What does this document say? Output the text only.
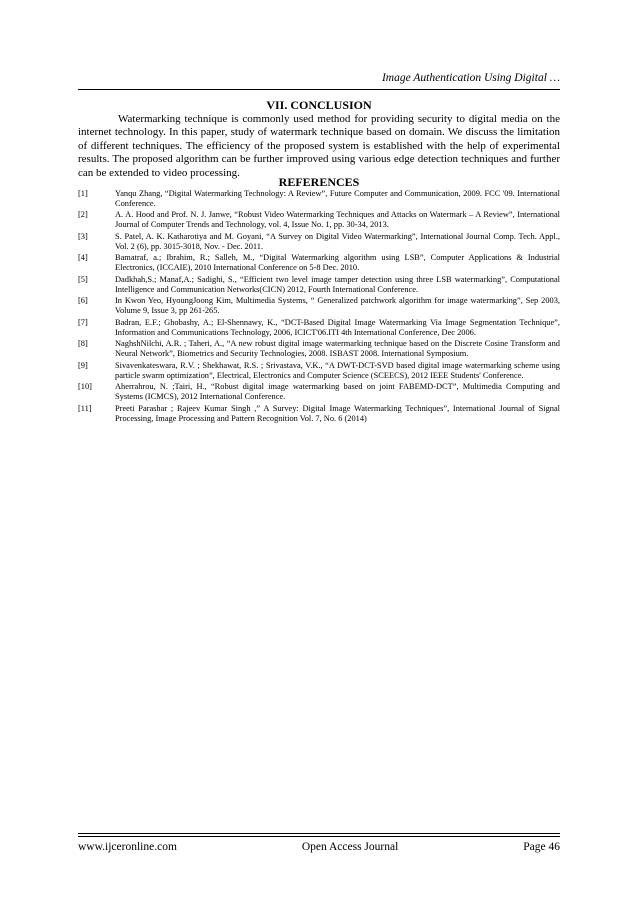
Image Authentication Using Digital …
VII. CONCLUSION

Watermarking technique is commonly used method for providing security to digital media on the internet technology. In this paper, study of watermark technique based on domain. We discuss the limitation of different techniques. The efficiency of the proposed system is established with the help of experimental results. The proposed algorithm can be further improved using various edge detection techniques and further can be extended to video processing.

REFERENCES
[1]	Yanqu Zhang, “Digital Watermarking Technology: A Review”, Future Computer and Communication, 2009. FCC '09. International Conference.
[2]	A. A. Hood and Prof. N. J. Janwe, “Robust Video Watermarking Techniques and Attacks on Watermark – A Review”, International Journal of Computer Trends and Technology, vol. 4, Issue No. 1, pp. 30-34, 2013.
[3]	S. Patel, A. K. Katharotiya and M. Goyani, “A Survey on Digital Video Watermarking”, International Journal Comp. Tech. Appl., Vol. 2 (6), pp. 3015-3018, Nov. - Dec. 2011.
[4]	Bamatraf, a.; Ibrahim, R.; Salleh, M., “Digital Watermarking algorithm using LSB”, Computer Applications & Industrial Electronics, (ICCAIE), 2010 International Conference on 5-8 Dec. 2010.
[5]	Dadkhah,S.; Manaf,A.; Sadighi, S., “Efficient two level image tamper detection using three LSB watermarking”, Computational Intelligence and Communication Networks(CICN) 2012, Fourth International Conference.
[6]	In Kwon Yeo, HyoungJoong Kim, Multimedia Systems, “ Generalized patchwork algorithm for image watermarking”, Sep 2003, Volume 9, Issue 3, pp 261-265.
[7]	Badran, E.F.; Ghobashy, A.; El-Shennawy, K., “DCT-Based Digital Image Watermarking Via Image Segmentation Technique”, Information and Communications Technology, 2006, ICICT'06.ITI 4th International Conference, Dec 2006.
[8]	NaghshNilchi, A.R. ; Taheri, A., “A new robust digital image watermarking technique based on the Discrete Cosine Transform and Neural Network”, Biometrics and Security Technologies, 2008. ISBAST 2008. International Symposium.
[9]	Sivavenkateswara, R.V. ; Shekhawat, R.S. ; Srivastava, V.K., “A DWT-DCT-SVD based digital image watermarking scheme using particle swarm optimization”, Electrical, Electronics and Computer Science (SCEECS), 2012 IEEE Students' Conference.
[10]	Aherrahrou, N. ;Tairi, H., “Robust digital image watermarking based on joint FABEMD-DCT”, Multimedia Computing and Systems (ICMCS), 2012 International Conference.
[11]	Preeti Parashar ; Rajeev Kumar Singh ,” A Survey: Digital Image Watermarking Techniques”, International Journal of Signal Processing, Image Processing and Pattern Recognition Vol. 7, No. 6 (2014)
www.ijceronline.com	Open Access Journal	Page 46
